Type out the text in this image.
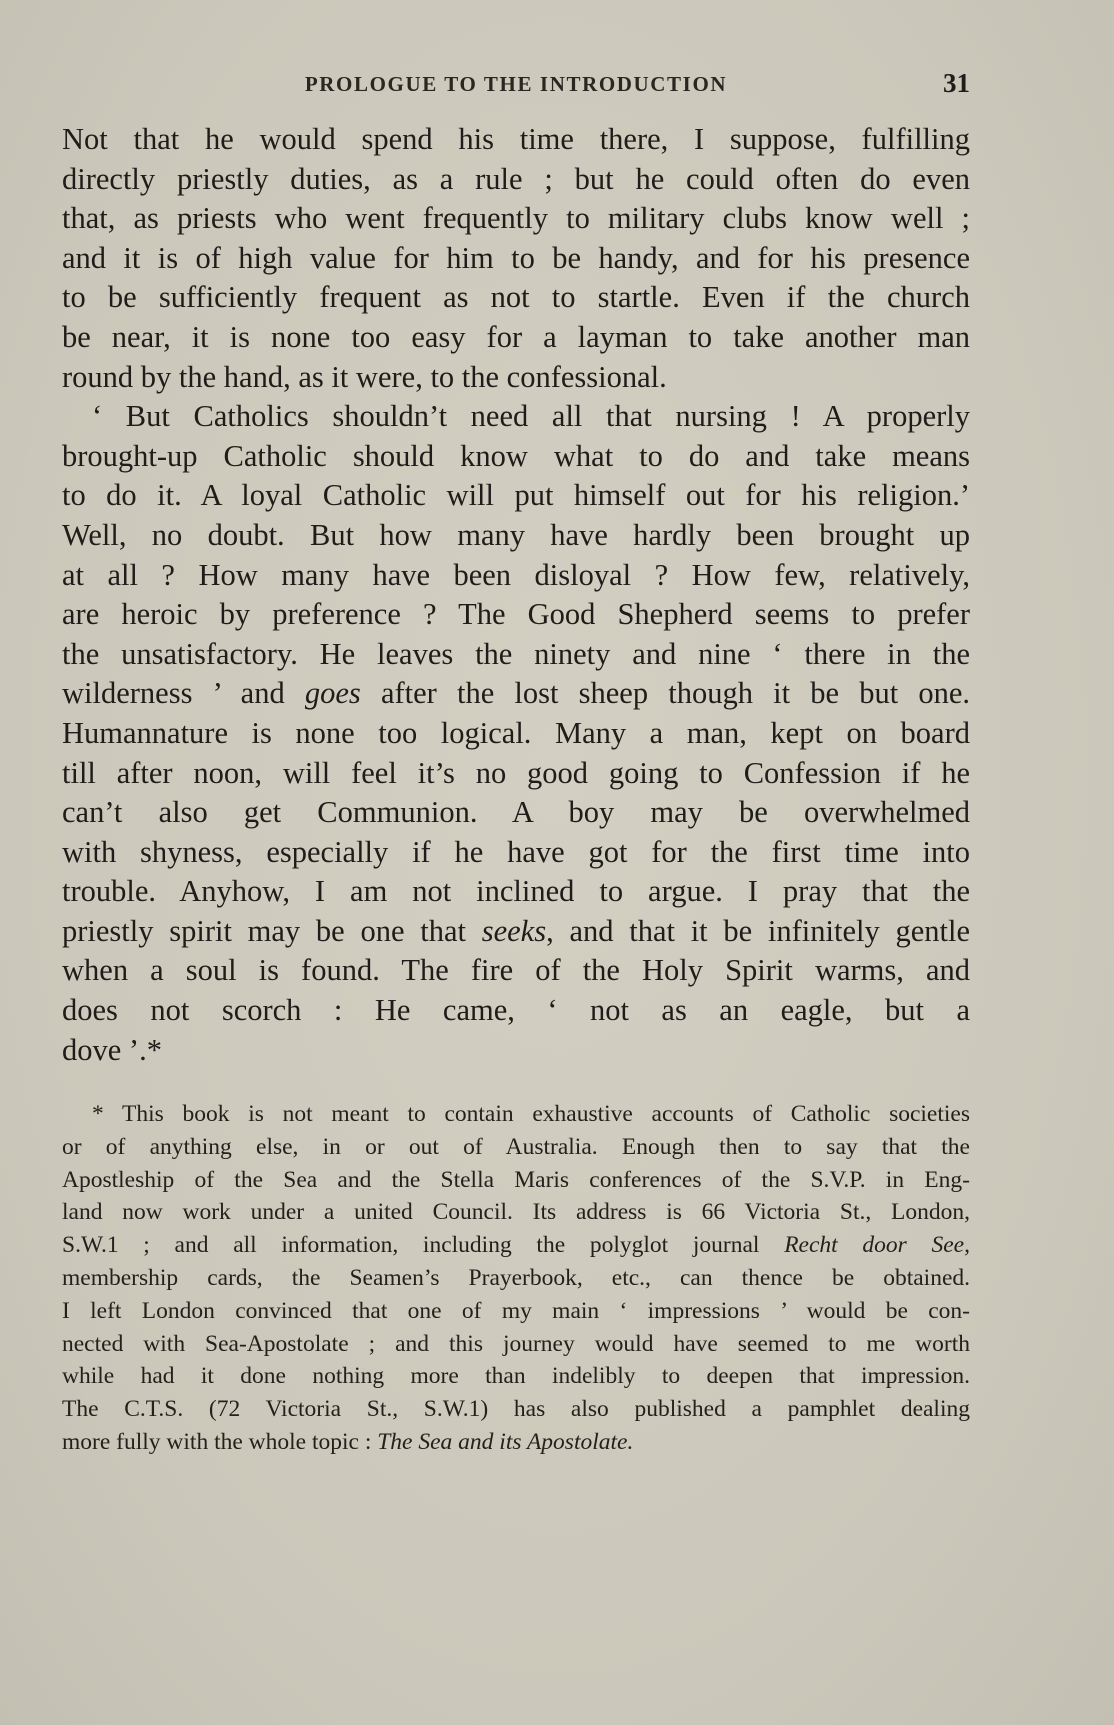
PROLOGUE TO THE INTRODUCTION	31
Not that he would spend his time there, I suppose, fulfilling
directly priestly duties, as a rule ; but he could often do even
that, as priests who went frequently to military clubs know well ;
and it is of high value for him to be handy, and for his presence
to be sufficiently frequent as not to startle. Even if the church
be near, it is none too easy for a layman to take another man
round by the hand, as it were, to the confessional.
‘ But Catholics shouldn’t need all that nursing ! A properly
brought-up Catholic should know what to do and take means
to do it. A loyal Catholic will put himself out for his religion.’
Well, no doubt. But how many have hardly been brought up
at all ? How many have been disloyal ? How few, relatively,
are heroic by preference ? The Good Shepherd seems to prefer
the unsatisfactory. He leaves the ninety and nine ‘ there in the
wilderness ’ and goes after the lost sheep though it be but one.
Humannature is none too logical. Many a man, kept on board
till after noon, will feel it’s no good going to Confession if he
can’t also get Communion. A boy may be overwhelmed
with shyness, especially if he have got for the first time into
trouble. Anyhow, I am not inclined to argue. I pray that the
priestly spirit may be one that seeks, and that it be infinitely gentle
when a soul is found. The fire of the Holy Spirit warms, and
does not scorch : He came, ‘ not as an eagle, but a
dove ’.*
* This book is not meant to contain exhaustive accounts of Catholic societies
or of anything else, in or out of Australia. Enough then to say that the
Apostleship of the Sea and the Stella Maris conferences of the S.V.P. in Eng-
land now work under a united Council. Its address is 66 Victoria St., London,
S.W.1 ; and all information, including the polyglot journal Recht door See,
membership cards, the Seamen’s Prayerbook, etc., can thence be obtained.
I left London convinced that one of my main ‘ impressions ’ would be con-
nected with Sea-Apostolate ; and this journey would have seemed to me worth
while had it done nothing more than indelibly to deepen that impression.
The C.T.S. (72 Victoria St., S.W.1) has also published a pamphlet dealing
more fully with the whole topic : The Sea and its Apostolate.
